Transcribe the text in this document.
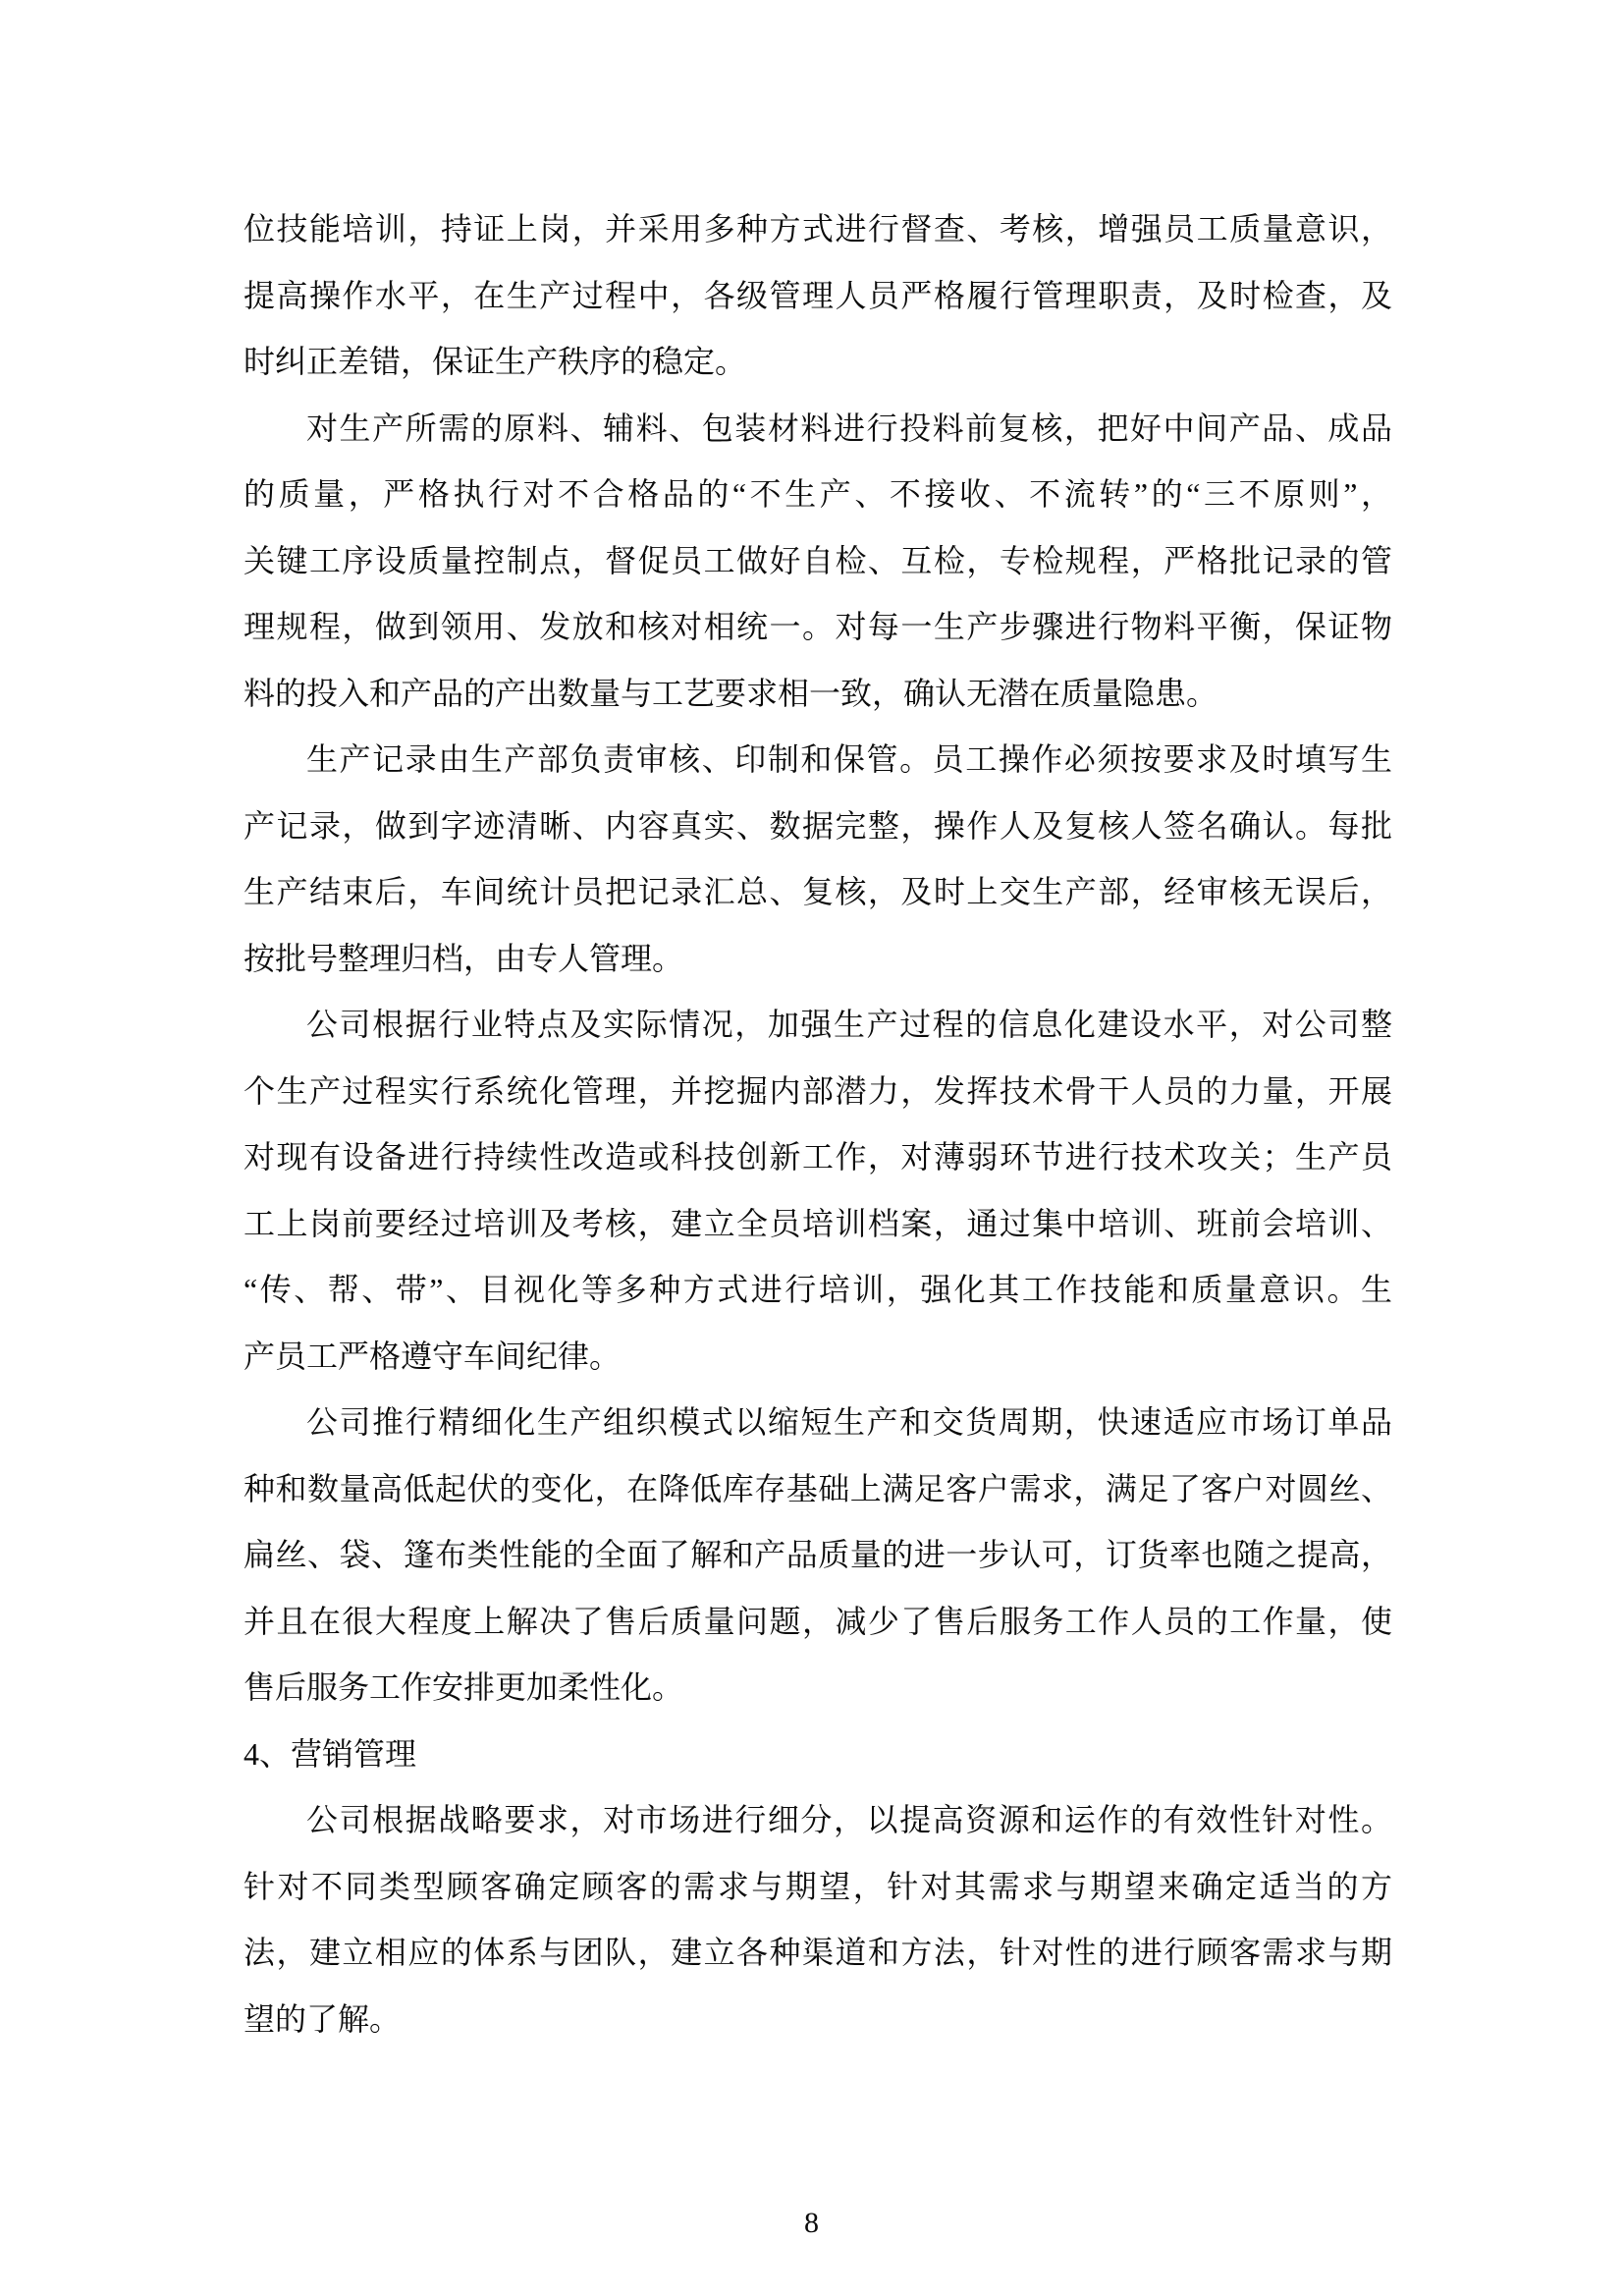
位技能培训，持证上岗，并采用多种方式进行督查、考核，增强员工质量意识，
提高操作水平，在生产过程中，各级管理人员严格履行管理职责，及时检查，及
时纠正差错，保证生产秩序的稳定。
对生产所需的原料、辅料、包装材料进行投料前复核，把好中间产品、成品
的质量，严格执行对不合格品的“不生产、不接收、不流转”的“三不原则”，
关键工序设质量控制点，督促员工做好自检、互检，专检规程，严格批记录的管
理规程，做到领用、发放和核对相统一。对每一生产步骤进行物料平衡，保证物
料的投入和产品的产出数量与工艺要求相一致，确认无潜在质量隐患。
生产记录由生产部负责审核、印制和保管。员工操作必须按要求及时填写生
产记录，做到字迹清晰、内容真实、数据完整，操作人及复核人签名确认。每批
生产结束后，车间统计员把记录汇总、复核，及时上交生产部，经审核无误后，
按批号整理归档，由专人管理。
公司根据行业特点及实际情况，加强生产过程的信息化建设水平，对公司整
个生产过程实行系统化管理，并挖掘内部潜力，发挥技术骨干人员的力量，开展
对现有设备进行持续性改造或科技创新工作，对薄弱环节进行技术攻关；生产员
工上岗前要经过培训及考核，建立全员培训档案，通过集中培训、班前会培训、
“传、帮、带”、目视化等多种方式进行培训，强化其工作技能和质量意识。生
产员工严格遵守车间纪律。
公司推行精细化生产组织模式以缩短生产和交货周期，快速适应市场订单品
种和数量高低起伏的变化，在降低库存基础上满足客户需求，满足了客户对圆丝、
扁丝、袋、篷布类性能的全面了解和产品质量的进一步认可，订货率也随之提高，
并且在很大程度上解决了售后质量问题，减少了售后服务工作人员的工作量，使
售后服务工作安排更加柔性化。
4、营销管理
公司根据战略要求，对市场进行细分，以提高资源和运作的有效性针对性。
针对不同类型顾客确定顾客的需求与期望，针对其需求与期望来确定适当的方
法，建立相应的体系与团队，建立各种渠道和方法，针对性的进行顾客需求与期
望的了解。
8
